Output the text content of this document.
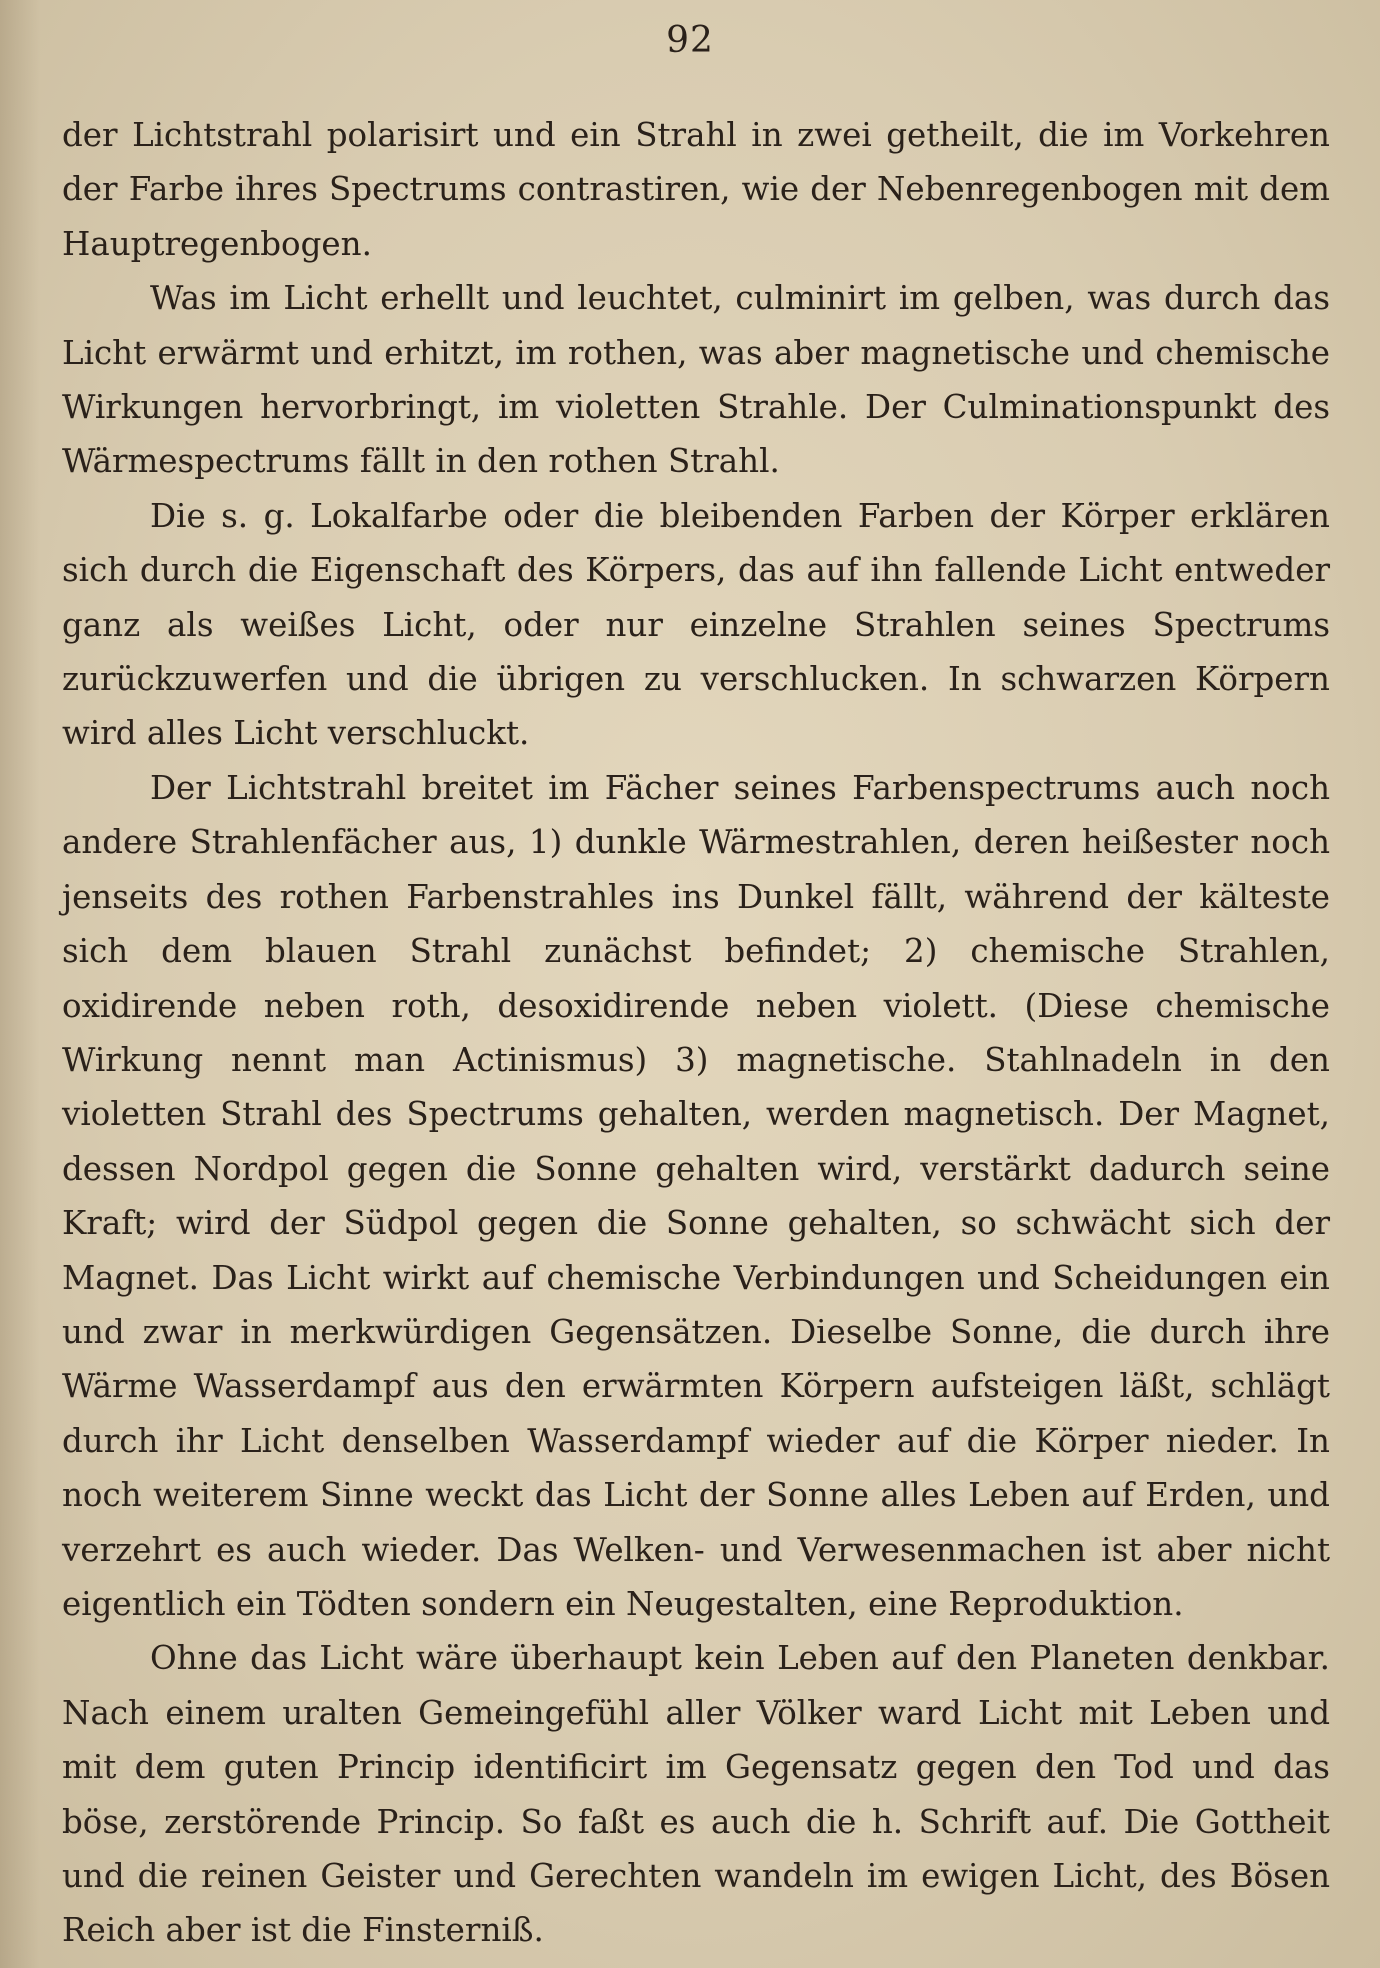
92

der Lichtstrahl polarisirt und ein Strahl in zwei getheilt, die im Vorkehren der Farbe ihres Spectrums contrastiren, wie der Nebenregenbogen mit dem Hauptregenbogen.

Was im Licht erhellt und leuchtet, culminirt im gelben, was durch das Licht erwärmt und erhitzt, im rothen, was aber magnetische und chemische Wirkungen hervorbringt, im violetten Strahle. Der Culminationspunkt des Wärmespectrums fällt in den rothen Strahl.

Die s. g. Lokalfarbe oder die bleibenden Farben der Körper erklären sich durch die Eigenschaft des Körpers, das auf ihn fallende Licht entweder ganz als weißes Licht, oder nur einzelne Strahlen seines Spectrums zurückzuwerfen und die übrigen zu verschlucken. In schwarzen Körpern wird alles Licht verschluckt.

Der Lichtstrahl breitet im Fächer seines Farbenspectrums auch noch andere Strahlenfächer aus, 1) dunkle Wärmestrahlen, deren heißester noch jenseits des rothen Farbenstrahles ins Dunkel fällt, während der kälteste sich dem blauen Strahl zunächst befindet; 2) chemische Strahlen, oxidirende neben roth, desoxidirende neben violett. (Diese chemische Wirkung nennt man Actinismus) 3) magnetische. Stahlnadeln in den violetten Strahl des Spectrums gehalten, werden magnetisch. Der Magnet, dessen Nordpol gegen die Sonne gehalten wird, verstärkt dadurch seine Kraft; wird der Südpol gegen die Sonne gehalten, so schwächt sich der Magnet. Das Licht wirkt auf chemische Verbindungen und Scheidungen ein und zwar in merkwürdigen Gegensätzen. Dieselbe Sonne, die durch ihre Wärme Wasserdampf aus den erwärmten Körpern aufsteigen läßt, schlägt durch ihr Licht denselben Wasserdampf wieder auf die Körper nieder. In noch weiterem Sinne weckt das Licht der Sonne alles Leben auf Erden, und verzehrt es auch wieder. Das Welken- und Verwesenmachen ist aber nicht eigentlich ein Tödten sondern ein Neugestalten, eine Reproduktion.

Ohne das Licht wäre überhaupt kein Leben auf den Planeten denkbar. Nach einem uralten Gemeingefühl aller Völker ward Licht mit Leben und mit dem guten Princip identificirt im Gegensatz gegen den Tod und das böse, zerstörende Princip. So faßt es auch die h. Schrift auf. Die Gottheit und die reinen Geister und Gerechten wandeln im ewigen Licht, des Bösen Reich aber ist die Finsterniß.
